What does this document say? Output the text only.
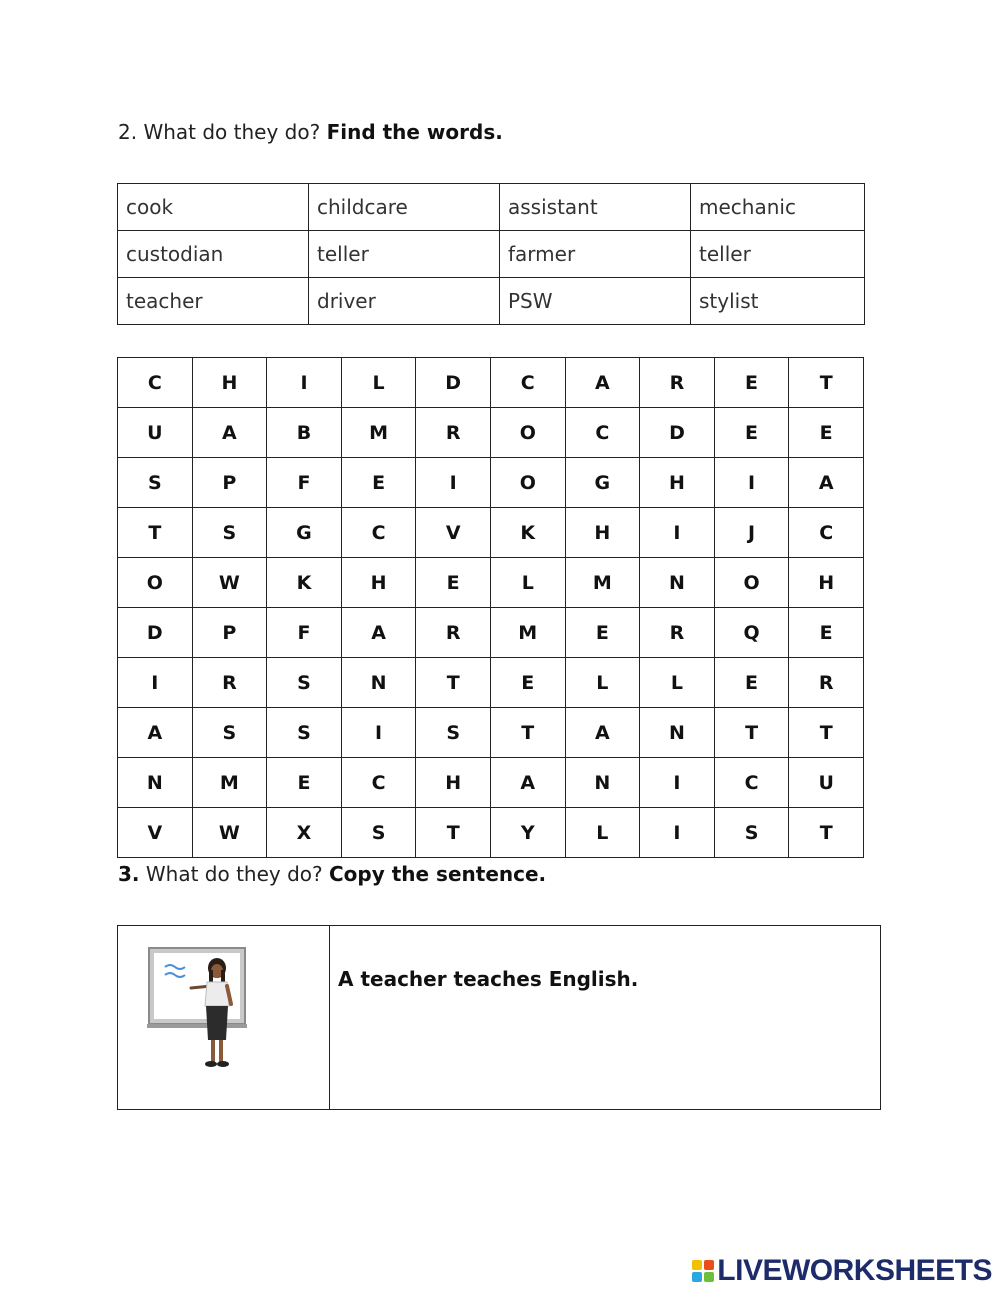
2. What do they do? Find the words.
cook	childcare	assistant	mechanic
custodian	teller	farmer	teller
teacher	driver	PSW	stylist
C	H	I	L	D	C	A	R	E	T
U	A	B	M	R	O	C	D	E	E
S	P	F	E	I	O	G	H	I	A
T	S	G	C	V	K	H	I	J	C
O	W	K	H	E	L	M	N	O	H
D	P	F	A	R	M	E	R	Q	E
I	R	S	N	T	E	L	L	E	R
A	S	S	I	S	T	A	N	T	T
N	M	E	C	H	A	N	I	C	U
V	W	X	S	T	Y	L	I	S	T
3. What do they do? Copy the sentence.

A teacher teaches English.
LIVEWORKSHEETS
